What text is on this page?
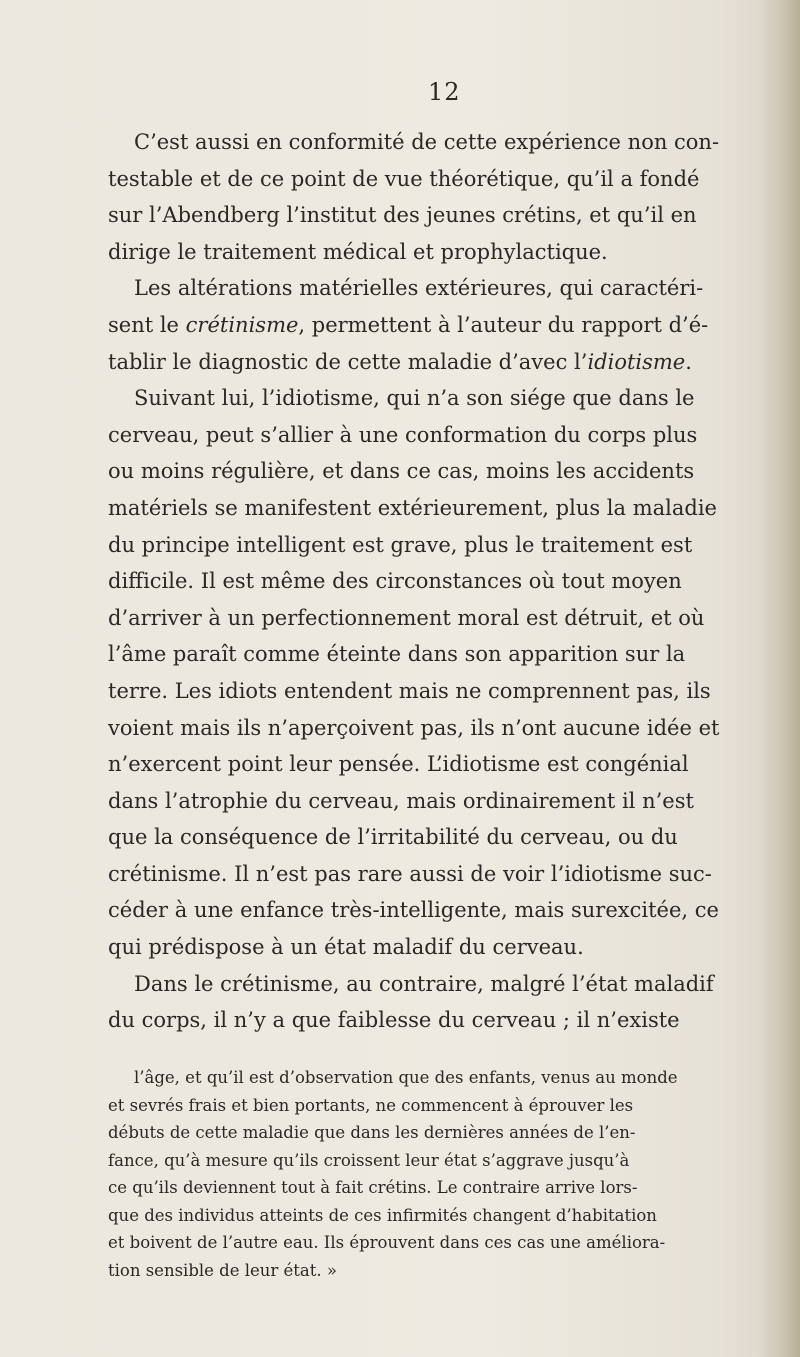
12

C’est aussi en conformité de cette expérience non con-
testable et de ce point de vue théorétique, qu’il a fondé
sur l’Abendberg l’institut des jeunes crétins, et qu’il en
dirige le traitement médical et prophylactique.

Les altérations matérielles extérieures, qui caractéri-
sent le crétinisme, permettent à l’auteur du rapport d’é-
tablir le diagnostic de cette maladie d’avec l’idiotisme.

Suivant lui, l’idiotisme, qui n’a son siége que dans le
cerveau, peut s’allier à une conformation du corps plus
ou moins régulière, et dans ce cas, moins les accidents
matériels se manifestent extérieurement, plus la maladie
du principe intelligent est grave, plus le traitement est
difficile. Il est même des circonstances où tout moyen
d’arriver à un perfectionnement moral est détruit, et où
l’âme paraît comme éteinte dans son apparition sur la
terre. Les idiots entendent mais ne comprennent pas, ils
voient mais ils n’aperçoivent pas, ils n’ont aucune idée et
n’exercent point leur pensée. L’idiotisme est congénial
dans l’atrophie du cerveau, mais ordinairement il n’est
que la conséquence de l’irritabilité du cerveau, ou du
crétinisme. Il n’est pas rare aussi de voir l’idiotisme suc-
céder à une enfance très-intelligente, mais surexcitée, ce
qui prédispose à un état maladif du cerveau.

Dans le crétinisme, au contraire, malgré l’état maladif
du corps, il n’y a que faiblesse du cerveau ; il n’existe

l’âge, et qu’il est d’observation que des enfants, venus au monde
et sevrés frais et bien portants, ne commencent à éprouver les
débuts de cette maladie que dans les dernières années de l’en-
fance, qu’à mesure qu’ils croissent leur état s’aggrave jusqu’à
ce qu’ils deviennent tout à fait crétins. Le contraire arrive lors-
que des individus atteints de ces infirmités changent d’habitation
et boivent de l’autre eau. Ils éprouvent dans ces cas une améliora-
tion sensible de leur état. »
